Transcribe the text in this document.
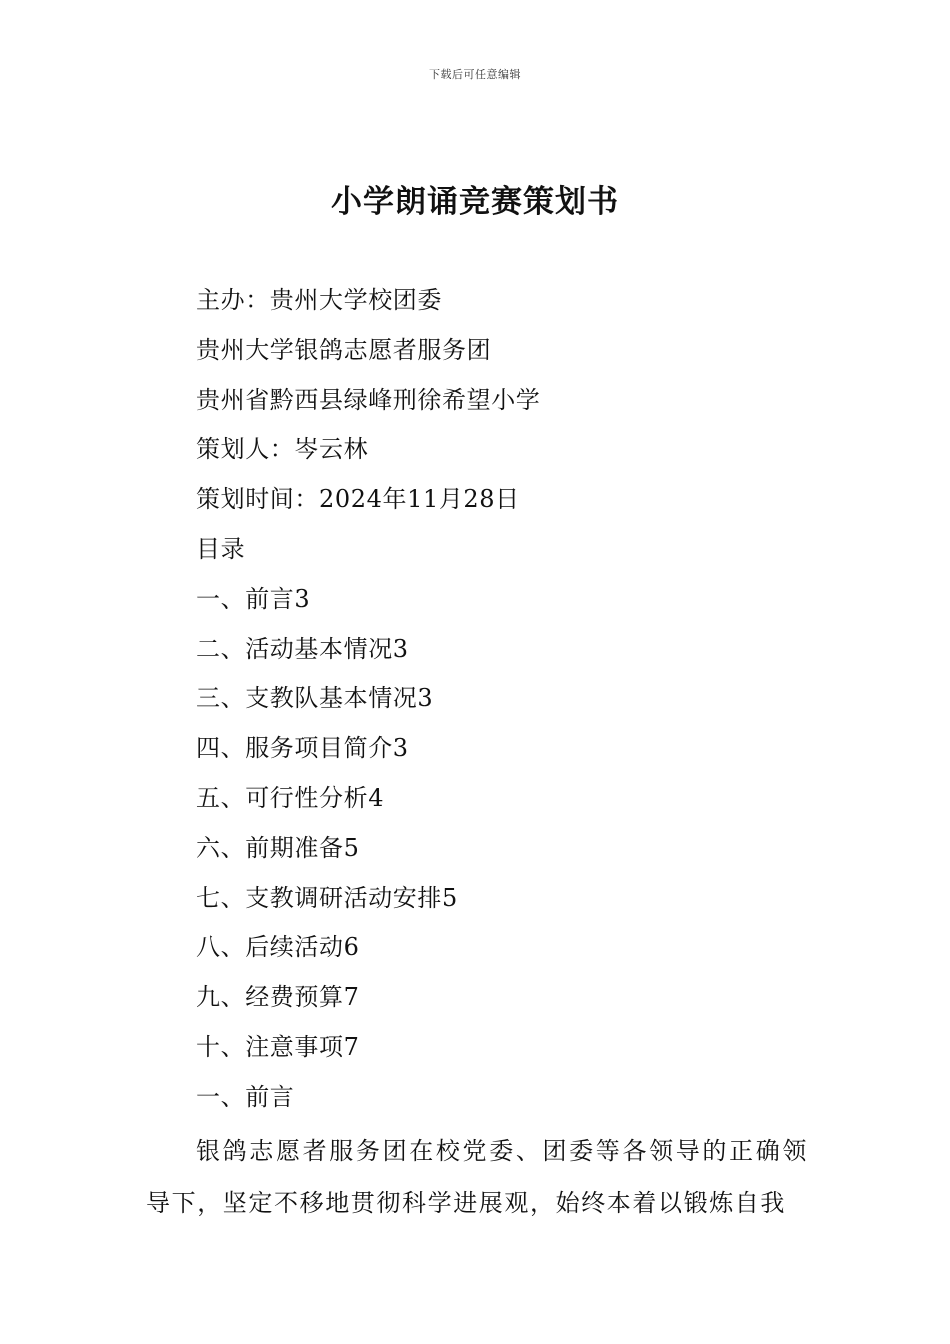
下载后可任意编辑
小学朗诵竞赛策划书
主办：贵州大学校团委
贵州大学银鸽志愿者服务团
贵州省黔西县绿峰刑徐希望小学
策划人：岑云林
策划时间：2024年11月28日
目录
一、前言3
二、活动基本情况3
三、支教队基本情况3
四、服务项目简介3
五、可行性分析4
六、前期准备5
七、支教调研活动安排5
八、后续活动6
九、经费预算7
十、注意事项7
一、前言
银鸽志愿者服务团在校党委、团委等各领导的正确领导下，坚定不移地贯彻科学进展观，始终本着以锻炼自我
